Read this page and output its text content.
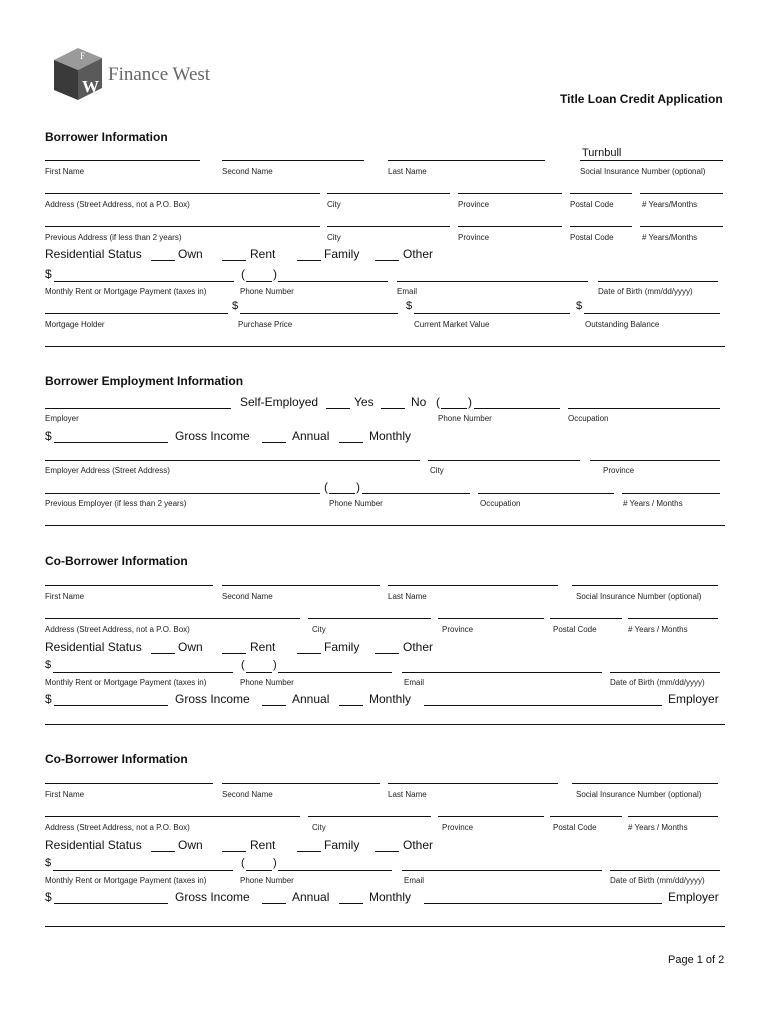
F
W
Finance West
Title Loan Credit Application
Borrower Information
Turnbull
First Name	Second Name	Last Name	Social Insurance Number (optional)
Address (Street Address, not a P.O. Box)	City	Province	Postal Code	# Years/Months
Previous Address (if less than 2 years)	City	Province	Postal Code	# Years/Months
Residential Status	Own	Rent	Family	Other
$	( )
Monthly Rent or Mortgage Payment (taxes in)	Phone Number	Email	Date of Birth (mm/dd/yyyy)
$	$	$
Mortgage Holder	Purchase Price	Current Market Value	Outstanding Balance
Borrower Employment Information
Self-Employed	Yes	No ( )
Employer	Phone Number	Occupation
$	Gross Income	Annual	Monthly
Employer Address (Street Address)	City	Province
( )
Previous Employer (if less than 2 years)	Phone Number	Occupation	# Years / Months
Co-Borrower Information
First Name	Second Name	Last Name	Social Insurance Number (optional)
Address (Street Address, not a P.O. Box)	City	Province	Postal Code	# Years / Months
Residential Status	Own	Rent	Family	Other
$	(	)
Monthly Rent or Mortgage Payment (taxes in)	Phone Number	Email	Date of Birth (mm/dd/yyyy)
$	Gross Income	Annual	Monthly	Employer
Co-Borrower Information
First Name	Second Name	Last Name	Social Insurance Number (optional)
Address (Street Address, not a P.O. Box)	City	Province	Postal Code	# Years / Months
Residential Status	Own	Rent	Family	Other
$	(	)
Monthly Rent or Mortgage Payment (taxes in)	Phone Number	Email	Date of Birth (mm/dd/yyyy)
$	Gross Income	Annual	Monthly	Employer
Page 1 of 2
